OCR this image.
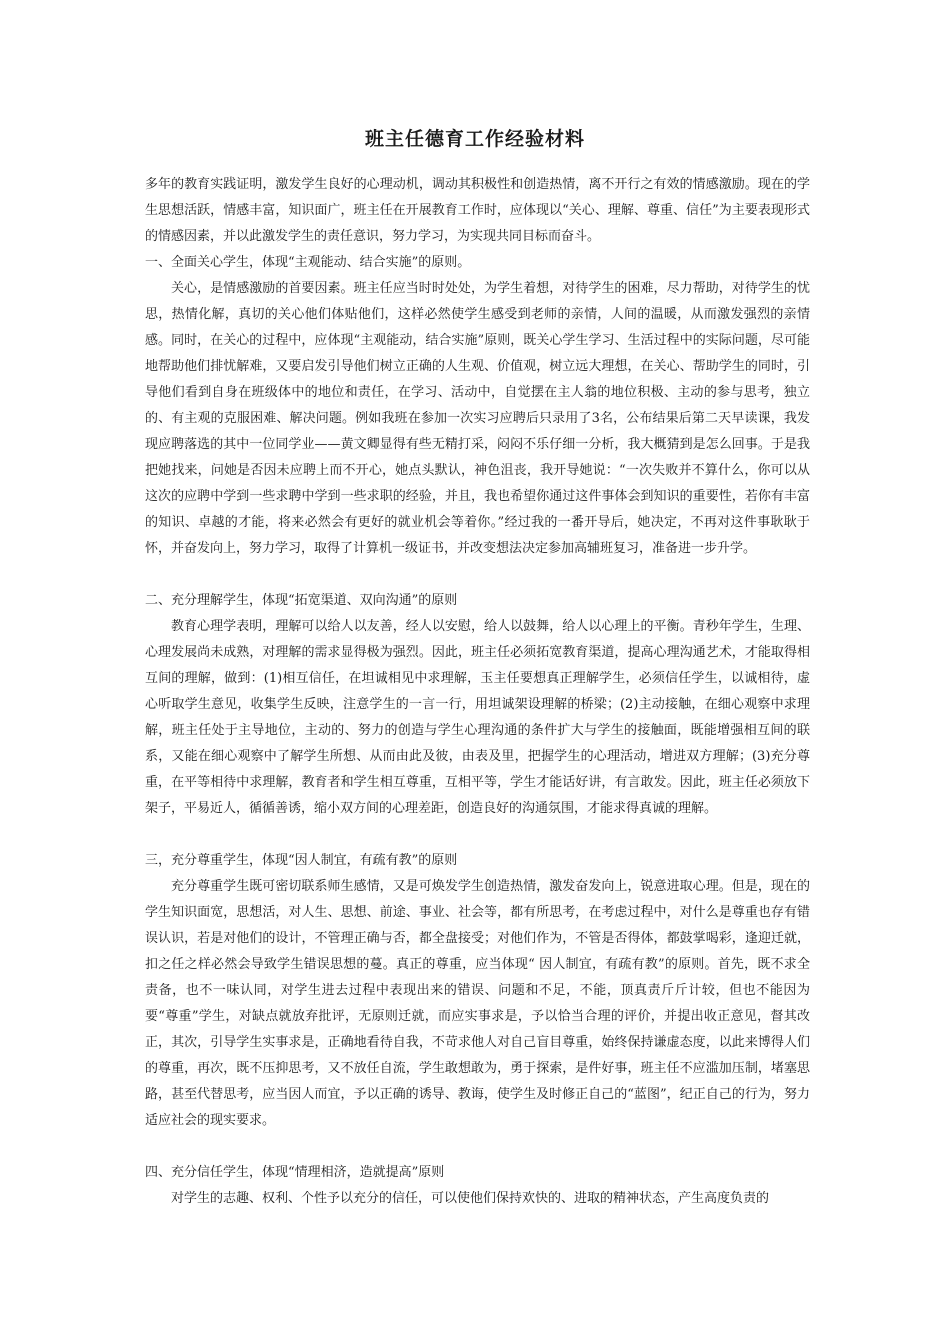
班主任德育工作经验材料

多年的教育实践证明，激发学生良好的心理动机，调动其积极性和创造热情，离不开行之有效的情感激励。现在的学生思想活跃，情感丰富，知识面广，班主任在开展教育工作时，应体现以“关心、理解、尊重、信任”为主要表现形式的情感因素，并以此激发学生的责任意识，努力学习，为实现共同目标而奋斗。

一、全面关心学生，体现“主观能动、结合实施”的原则。

关心，是情感激励的首要因素。班主任应当时时处处，为学生着想，对待学生的困难，尽力帮助，对待学生的忧思，热情化解，真切的关心他们体贴他们，这样必然使学生感受到老师的亲情，人间的温暖，从而激发强烈的亲情感。同时，在关心的过程中，应体现“主观能动，结合实施”原则，既关心学生学习、生活过程中的实际问题，尽可能地帮助他们排忧解难，又要启发引导他们树立正确的人生观、价值观，树立远大理想，在关心、帮助学生的同时，引导他们看到自身在班级体中的地位和责任，在学习、活动中，自觉摆在主人翁的地位积极、主动的参与思考，独立的、有主观的克服困难、解决问题。例如我班在参加一次实习应聘后只录用了3名，公布结果后第二天早读课，我发现应聘落选的其中一位同学业——黄文卿显得有些无精打采，闷闷不乐仔细一分析，我大概猜到是怎么回事。于是我把她找来，问她是否因未应聘上而不开心，她点头默认，神色沮丧，我开导她说：“一次失败并不算什么，你可以从这次的应聘中学到一些求聘中学到一些求职的经验，并且，我也希望你通过这件事体会到知识的重要性，若你有丰富的知识、卓越的才能，将来必然会有更好的就业机会等着你。”经过我的一番开导后，她决定，不再对这件事耿耿于怀，并奋发向上，努力学习，取得了计算机一级证书，并改变想法决定参加高辅班复习，准备进一步升学。

二、充分理解学生，体现“拓宽渠道、双向沟通”的原则

教育心理学表明，理解可以给人以友善，经人以安慰，给人以鼓舞，给人以心理上的平衡。青秒年学生，生理、心理发展尚未成熟，对理解的需求显得极为强烈。因此，班主任必须拓宽教育渠道，提高心理沟通艺术，才能取得相互间的理解，做到：(1)相互信任，在坦诚相见中求理解，玉主任要想真正理解学生，必须信任学生，以诚相待，虚心听取学生意见，收集学生反映，注意学生的一言一行，用坦诚架设理解的桥梁；(2)主动接触，在细心观察中求理解，班主任处于主导地位，主动的、努力的创造与学生心理沟通的条件扩大与学生的接触面，既能增强相互间的联系，又能在细心观察中了解学生所想、从而由此及彼，由表及里，把握学生的心理活动，增进双方理解；(3)充分尊重，在平等相待中求理解，教育者和学生相互尊重，互相平等，学生才能话好讲，有言敢发。因此，班主任必须放下架子，平易近人，循循善诱，缩小双方间的心理差距，创造良好的沟通氛围，才能求得真诚的理解。

三，充分尊重学生，体现“因人制宜，有疏有教”的原则

充分尊重学生既可密切联系师生感情，又是可焕发学生创造热情，激发奋发向上，锐意进取心理。但是，现在的学生知识面宽，思想活，对人生、思想、前途、事业、社会等，都有所思考，在考虑过程中，对什么是尊重也存有错误认识，若是对他们的设计，不管理正确与否，都全盘接受；对他们作为，不管是否得体，都鼓掌喝彩，逢迎迁就，扣之任之样必然会导致学生错误思想的蔓。真正的尊重，应当体现“ 因人制宜，有疏有教”的原则。首先，既不求全责备，也不一味认同，对学生进去过程中表现出来的错误、问题和不足，不能，顶真责斤斤计较，但也不能因为要“尊重”学生，对缺点就放弃批评，无原则迁就，而应实事求是，予以恰当合理的评价，并提出收正意见，督其改正，其次，引导学生实事求是，正确地看待自我，不苛求他人对自己盲目尊重，始终保持谦虚态度，以此来博得人们的尊重，再次，既不压抑思考，又不放任自流，学生敢想敢为，勇于探索，是件好事，班主任不应滥加压制，堵塞思路，甚至代替思考，应当因人而宜，予以正确的诱导、教诲，使学生及时修正自己的“蓝图”，纪正自己的行为，努力适应社会的现实要求。

四、充分信任学生，体现“情理相济，造就提高”原则

对学生的志趣、权利、个性予以充分的信任，可以使他们保持欢快的、进取的精神状态，产生高度负责的
